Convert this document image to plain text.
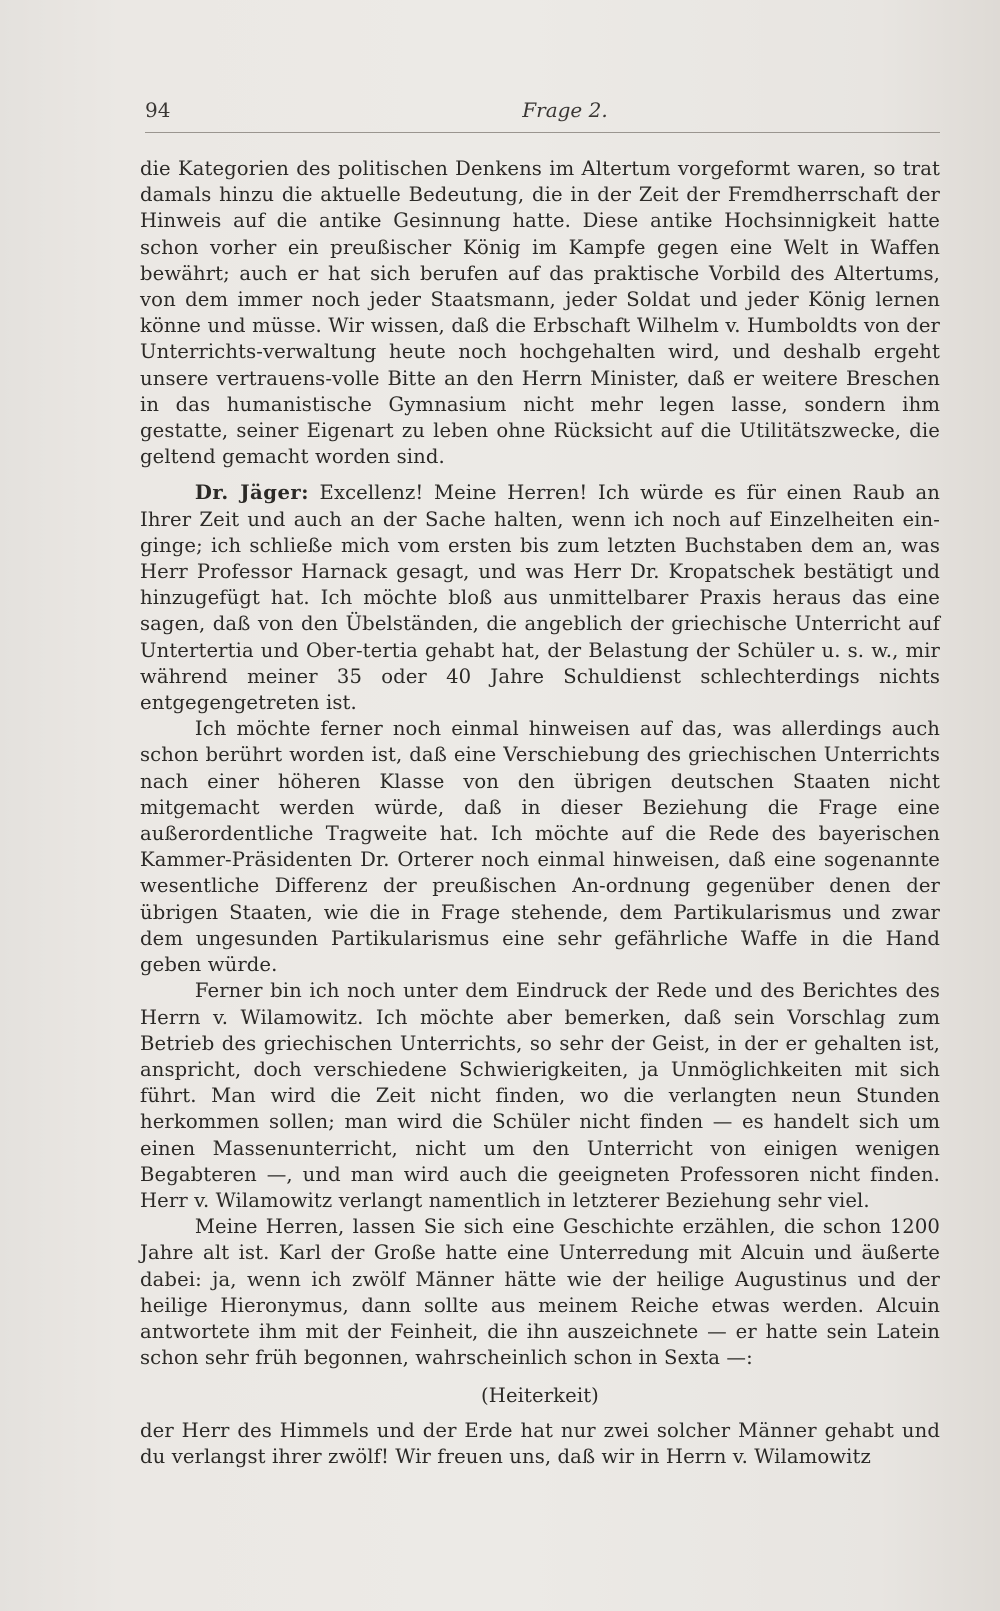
94	Frage 2.

die Kategorien des politischen Denkens im Altertum vorgeformt waren, so trat damals hinzu die aktuelle Bedeutung, die in der Zeit der Fremdherrschaft der Hinweis auf die antike Gesinnung hatte. Diese antike Hochsinnigkeit hatte schon vorher ein preußischer König im Kampfe gegen eine Welt in Waffen bewährt; auch er hat sich berufen auf das praktische Vorbild des Altertums, von dem immer noch jeder Staatsmann, jeder Soldat und jeder König lernen könne und müsse. Wir wissen, daß die Erbschaft Wilhelm v. Humboldts von der Unterrichts-verwaltung heute noch hochgehalten wird, und deshalb ergeht unsere vertrauens-volle Bitte an den Herrn Minister, daß er weitere Breschen in das humanistische Gymnasium nicht mehr legen lasse, sondern ihm gestatte, seiner Eigenart zu leben ohne Rücksicht auf die Utilitätszwecke, die geltend gemacht worden sind.

Dr. Jäger: Excellenz! Meine Herren! Ich würde es für einen Raub an Ihrer Zeit und auch an der Sache halten, wenn ich noch auf Einzelheiten ein-ginge; ich schließe mich vom ersten bis zum letzten Buchstaben dem an, was Herr Professor Harnack gesagt, und was Herr Dr. Kropatschek bestätigt und hinzugefügt hat. Ich möchte bloß aus unmittelbarer Praxis heraus das eine sagen, daß von den Übelständen, die angeblich der griechische Unterricht auf Untertertia und Ober-tertia gehabt hat, der Belastung der Schüler u. s. w., mir während meiner 35 oder 40 Jahre Schuldienst schlechterdings nichts entgegengetreten ist.

Ich möchte ferner noch einmal hinweisen auf das, was allerdings auch schon berührt worden ist, daß eine Verschiebung des griechischen Unterrichts nach einer höheren Klasse von den übrigen deutschen Staaten nicht mitgemacht werden würde, daß in dieser Beziehung die Frage eine außerordentliche Tragweite hat. Ich möchte auf die Rede des bayerischen Kammer-Präsidenten Dr. Orterer noch einmal hinweisen, daß eine sogenannte wesentliche Differenz der preußischen An-ordnung gegenüber denen der übrigen Staaten, wie die in Frage stehende, dem Partikularismus und zwar dem ungesunden Partikularismus eine sehr gefährliche Waffe in die Hand geben würde.

Ferner bin ich noch unter dem Eindruck der Rede und des Berichtes des Herrn v. Wilamowitz. Ich möchte aber bemerken, daß sein Vorschlag zum Betrieb des griechischen Unterrichts, so sehr der Geist, in der er gehalten ist, anspricht, doch verschiedene Schwierigkeiten, ja Unmöglichkeiten mit sich führt. Man wird die Zeit nicht finden, wo die verlangten neun Stunden herkommen sollen; man wird die Schüler nicht finden — es handelt sich um einen Massenunterricht, nicht um den Unterricht von einigen wenigen Begabteren —, und man wird auch die geeigneten Professoren nicht finden. Herr v. Wilamowitz verlangt namentlich in letzterer Beziehung sehr viel.

Meine Herren, lassen Sie sich eine Geschichte erzählen, die schon 1200 Jahre alt ist. Karl der Große hatte eine Unterredung mit Alcuin und äußerte dabei: ja, wenn ich zwölf Männer hätte wie der heilige Augustinus und der heilige Hieronymus, dann sollte aus meinem Reiche etwas werden. Alcuin antwortete ihm mit der Feinheit, die ihn auszeichnete — er hatte sein Latein schon sehr früh begonnen, wahrscheinlich schon in Sexta —:

(Heiterkeit)

der Herr des Himmels und der Erde hat nur zwei solcher Männer gehabt und du verlangst ihrer zwölf! Wir freuen uns, daß wir in Herrn v. Wilamowitz
